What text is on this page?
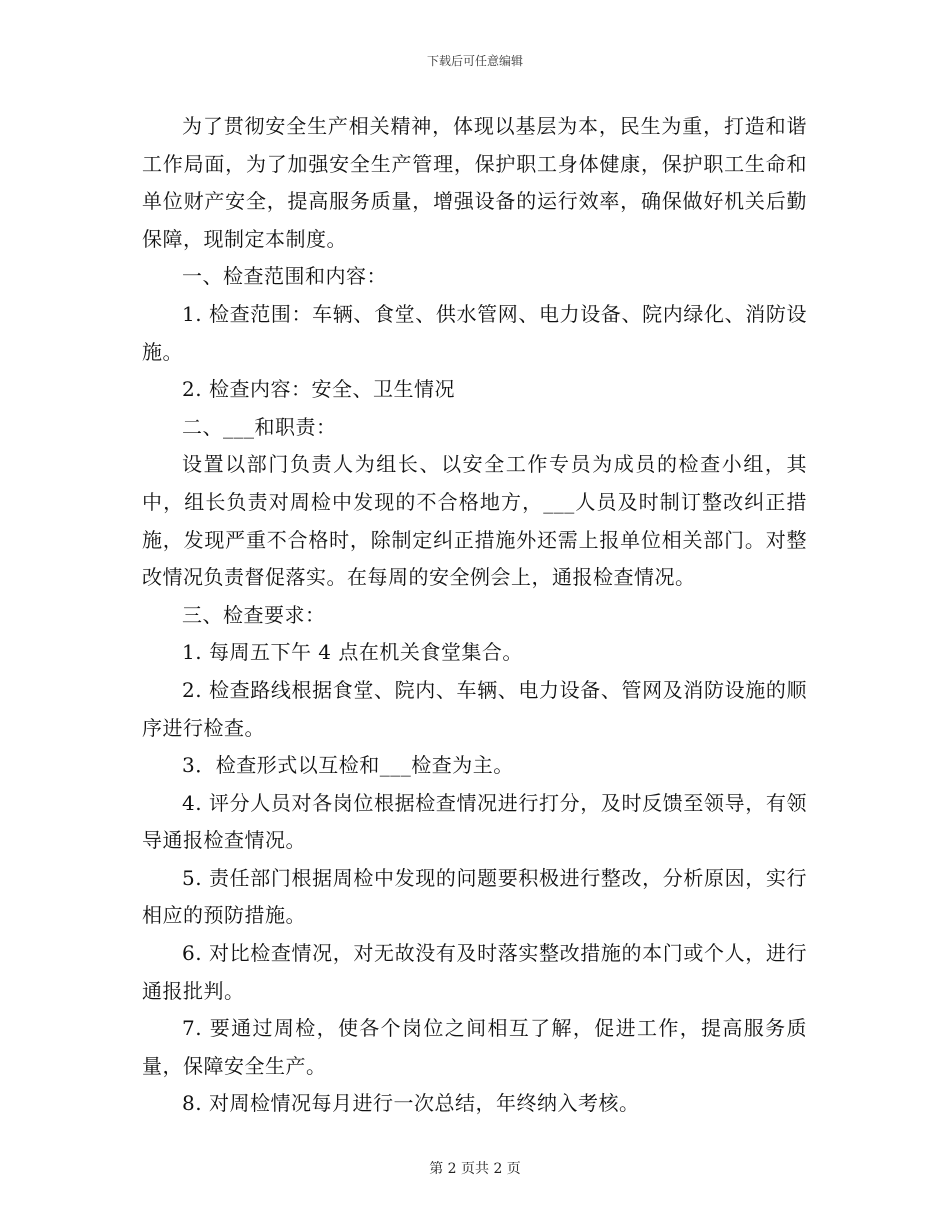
下载后可任意编辑

为了贯彻安全生产相关精神，体现以基层为本，民生为重，打造和谐工作局面，为了加强安全生产管理，保护职工身体健康，保护职工生命和单位财产安全，提高服务质量，增强设备的运行效率，确保做好机关后勤保障，现制定本制度。

一、检查范围和内容：

1. 检查范围：车辆、食堂、供水管网、电力设备、院内绿化、消防设施。

2. 检查内容：安全、卫生情况

二、___和职责：

设置以部门负责人为组长、以安全工作专员为成员的检查小组，其中，组长负责对周检中发现的不合格地方，___人员及时制订整改纠正措施，发现严重不合格时，除制定纠正措施外还需上报单位相关部门。对整改情况负责督促落实。在每周的安全例会上，通报检查情况。

三、检查要求：

1. 每周五下午 4 点在机关食堂集合。

2. 检查路线根据食堂、院内、车辆、电力设备、管网及消防设施的顺序进行检查。

3．检查形式以互检和___检查为主。

4. 评分人员对各岗位根据检查情况进行打分，及时反馈至领导，有领导通报检查情况。

5. 责任部门根据周检中发现的问题要积极进行整改，分析原因，实行相应的预防措施。

6. 对比检查情况，对无故没有及时落实整改措施的本门或个人，进行通报批判。

7. 要通过周检，使各个岗位之间相互了解，促进工作，提高服务质量，保障安全生产。

8. 对周检情况每月进行一次总结，年终纳入考核。

第 2 页共 2 页
